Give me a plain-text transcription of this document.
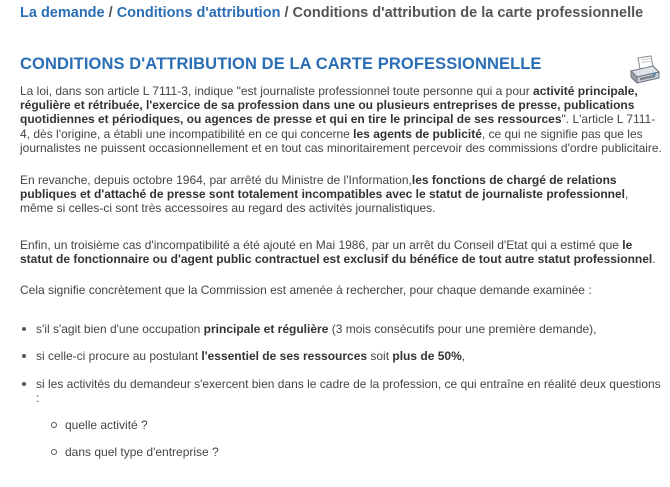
La demande / Conditions d'attribution / Conditions d'attribution de la carte professionnelle
CONDITIONS D'ATTRIBUTION DE LA CARTE PROFESSIONNELLE

La loi, dans son article L 7111-3, indique "est journaliste professionnel toute personne qui a pour activité principale, régulière et rétribuée, l'exercice de sa profession dans une ou plusieurs entreprises de presse, publications quotidiennes et périodiques, ou agences de presse et qui en tire le principal de ses ressources". L'article L 7111-4, dès l'origine, a établi une incompatibilité en ce qui concerne les agents de publicité, ce qui ne signifie pas que les journalistes ne puissent occasionnellement et en tout cas minoritairement percevoir des commissions d'ordre publicitaire.

En revanche, depuis octobre 1964, par arrêté du Ministre de l'Information,les fonctions de chargé de relations publiques et d'attaché de presse sont totalement incompatibles avec le statut de journaliste professionnel, même si celles-ci sont très accessoires au regard des activités journalistiques.

Enfin, un troisième cas d'incompatibilité a été ajouté en Mai 1986, par un arrêt du Conseil d'Etat qui a estimé que le statut de fonctionnaire ou d'agent public contractuel est exclusif du bénéfice de tout autre statut professionnel.

Cela signifie concrètement que la Commission est amenée à rechercher, pour chaque demande examinée :

s'il s'agit bien d'une occupation principale et régulière (3 mois consécutifs pour une première demande),
si celle-ci procure au postulant l'essentiel de ses ressources soit plus de 50%,
si les activités du demandeur s'exercent bien dans le cadre de la profession, ce qui entraîne en réalité deux questions :
quelle activité ?
dans quel type d'entreprise ?
